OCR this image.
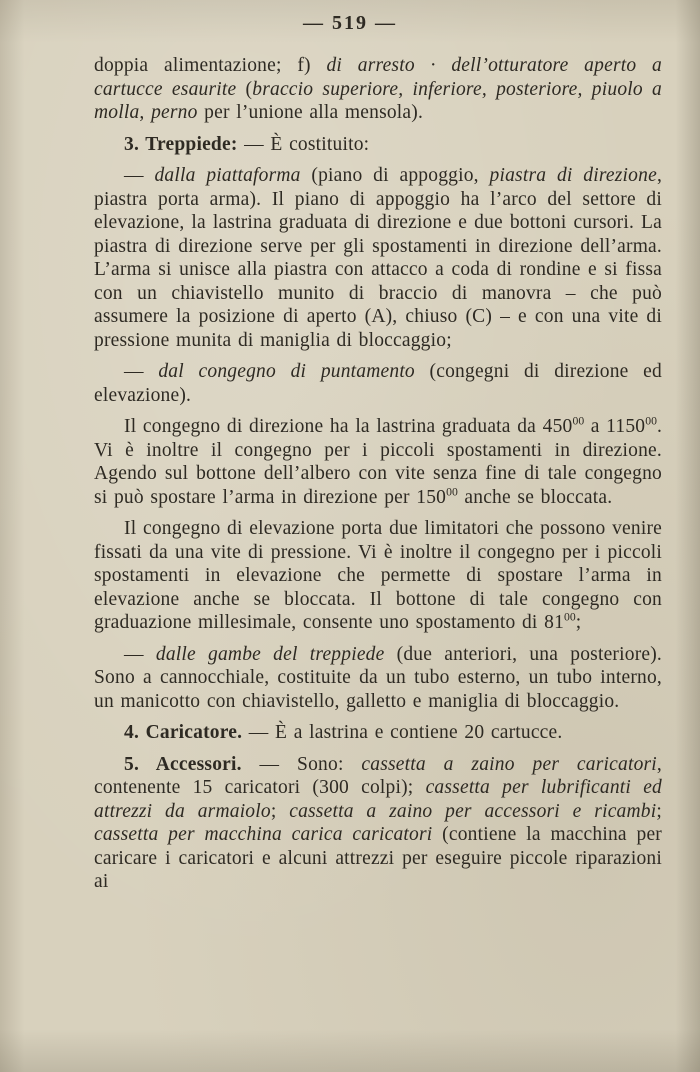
— 519 —

doppia alimentazione; f) di arresto · dell’otturatore aperto a cartucce esaurite (braccio superiore, inferiore, posteriore, piuolo a molla, perno per l’unione alla mensola).

3. Treppiede: — È costituito:

— dalla piattaforma (piano di appoggio, piastra di direzione, piastra porta arma). Il piano di appoggio ha l’arco del settore di elevazione, la lastrina graduata di direzione e due bottoni cursori. La piastra di direzione serve per gli spostamenti in direzione dell’arma. L’arma si unisce alla piastra con attacco a coda di rondine e si fissa con un chiavistello munito di braccio di manovra – che può assumere la posizione di aperto (A), chiuso (C) – e con una vite di pressione munita di maniglia di bloccaggio;

— dal congegno di puntamento (congegni di direzione ed elevazione).

Il congegno di direzione ha la lastrina graduata da $450^{00}$ a 1150$^{00}$. Vi è inoltre il congegno per i piccoli spostamenti in direzione. Agendo sul bottone dell’albero con vite senza fine di tale congegno si può spostare l’arma in direzione per $150^{00}$ anche se bloccata.

Il congegno di elevazione porta due limitatori che possono venire fissati da una vite di pressione. Vi è inoltre il congegno per i piccoli spostamenti in elevazione che permette di spostare l’arma in elevazione anche se bloccata. Il bottone di tale congegno con graduazione millesimale, consente uno spostamento di $81^{00}$;

— dalle gambe del treppiede (due anteriori, una posteriore). Sono a cannocchiale, costituite da un tubo esterno, un tubo interno, un manicotto con chiavistello, galletto e maniglia di bloccaggio.

4. Caricatore. — È a lastrina e contiene 20 cartucce.

5. Accessori. — Sono: cassetta a zaino per caricatori, contenente 15 caricatori (300 colpi); cassetta per lubrificanti ed attrezzi da armaiolo; cassetta a zaino per accessori e ricambi; cassetta per macchina carica caricatori (contiene la macchina per caricare i caricatori e alcuni attrezzi per eseguire piccole riparazioni ai
